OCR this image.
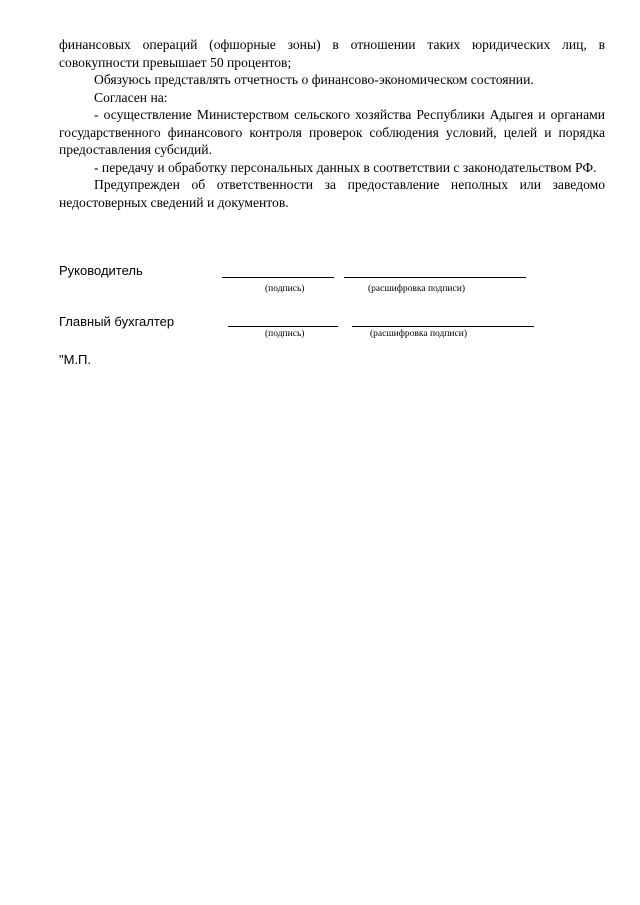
финансовых операций (офшорные зоны) в отношении таких юридических лиц, в совокупности превышает 50 процентов;

Обязуюсь представлять отчетность о финансово-экономическом состоянии.

Согласен на:

- осуществление Министерством сельского хозяйства Республики Адыгея и органами государственного финансового контроля проверок соблюдения условий, целей и порядка предоставления субсидий.

- передачу и обработку персональных данных в соответствии с законодательством РФ.

Предупрежден об ответственности за предоставление неполных или заведомо недостоверных сведений и документов.

Руководитель
(подпись)	(расшифровка подписи)
Главный бухгалтер
(подпись)	(расшифровка подписи)
"М.П.
